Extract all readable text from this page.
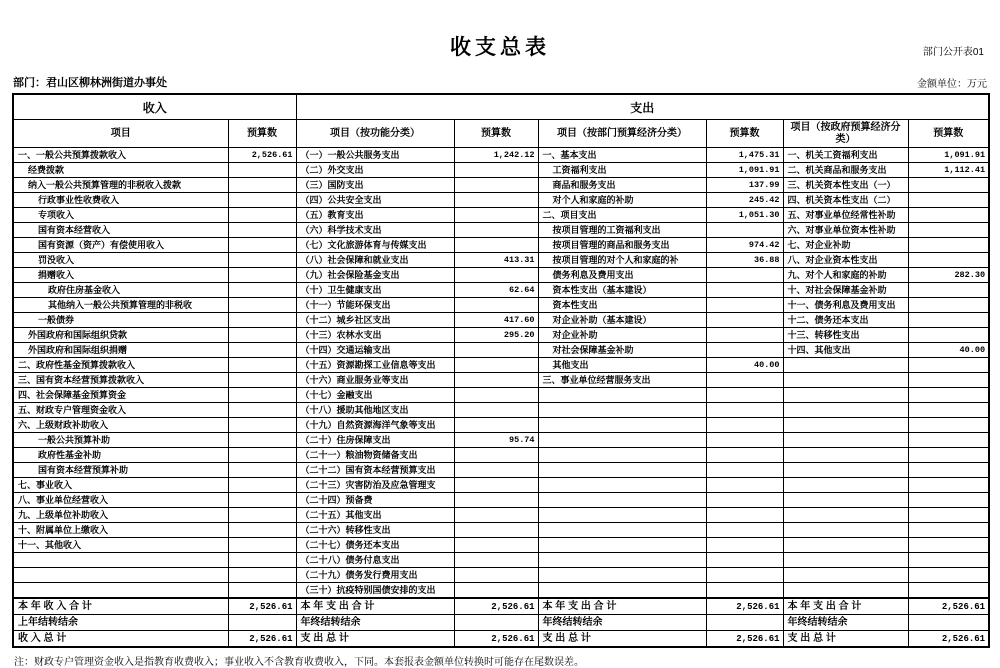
部门公开表01
收支总表
部门：君山区柳林洲街道办事处	金额单位：万元
收入		支出					
项目	预算数	项目（按功能分类）	预算数	项目（按部门预算经济分类）	预算数	项目（按政府预算经济分类）	预算数
一、一般公共预算拨款收入	2,526.61	（一）一般公共服务支出	1,242.12	一、基本支出	1,475.31	一、机关工资福利支出	1,091.91
经费拨款		（二）外交支出		工资福利支出	1,091.91	二、机关商品和服务支出	1,112.41
纳入一般公共预算管理的非税收入拨款		（三）国防支出		商品和服务支出	137.99	三、机关资本性支出（一）	
行政事业性收费收入		（四）公共安全支出		对个人和家庭的补助	245.42	四、机关资本性支出（二）	
专项收入		（五）教育支出		二、项目支出	1,051.30	五、对事业单位经常性补助	
国有资本经营收入		（六）科学技术支出		按项目管理的工资福利支出		六、对事业单位资本性补助	
国有资源（资产）有偿使用收入		（七）文化旅游体育与传媒支出		按项目管理的商品和服务支出	974.42	七、对企业补助	
罚没收入		（八）社会保障和就业支出	413.31	按项目管理的对个人和家庭的补	36.88	八、对企业资本性支出	
捐赠收入		（九）社会保险基金支出		债务利息及费用支出		九、对个人和家庭的补助	282.30
政府住房基金收入		（十）卫生健康支出	62.64	资本性支出（基本建设）		十、对社会保障基金补助	
其他纳入一般公共预算管理的非税收		（十一）节能环保支出		资本性支出		十一、债务利息及费用支出	
一般债券		（十二）城乡社区支出	417.60	对企业补助（基本建设）		十二、债务还本支出	
外国政府和国际组织贷款		（十三）农林水支出	295.20	对企业补助		十三、转移性支出	
外国政府和国际组织捐赠		（十四）交通运输支出		对社会保障基金补助		十四、其他支出	40.00
二、政府性基金预算拨款收入		（十五）资源勘探工业信息等支出		其他支出	40.00		
三、国有资本经营预算拨款收入		（十六）商业服务业等支出		三、事业单位经营服务支出			
四、社会保障基金预算资金		（十七）金融支出					
五、财政专户管理资金收入		（十八）援助其他地区支出					
六、上级财政补助收入		（十九）自然资源海洋气象等支出					
一般公共预算补助		（二十）住房保障支出	95.74				
政府性基金补助		（二十一）粮油物资储备支出					
国有资本经营预算补助		（二十二）国有资本经营预算支出					
七、事业收入		（二十三）灾害防治及应急管理支					
八、事业单位经营收入		（二十四）预备费					
九、上级单位补助收入		（二十五）其他支出					
十、附属单位上缴收入		（二十六）转移性支出					
十一、其他收入		（二十七）债务还本支出					
		（二十八）债务付息支出					
		（二十九）债务发行费用支出					
		（三十）抗疫特别国债安排的支出					
本 年 收 入 合 计	2,526.61	本 年 支 出 合 计	2,526.61	本 年 支 出 合 计	2,526.61	本 年 支 出 合 计	2,526.61
上年结转结余		年终结转结余		年终结转结余		年终结转结余	
收 入 总 计	2,526.61	支 出 总 计	2,526.61	支 出 总 计	2,526.61	支 出 总 计	2,526.61
注：财政专户管理资金收入是指教育收费收入；事业收入不含教育收费收入，下同。本套报表金额单位转换时可能存在尾数误差。
